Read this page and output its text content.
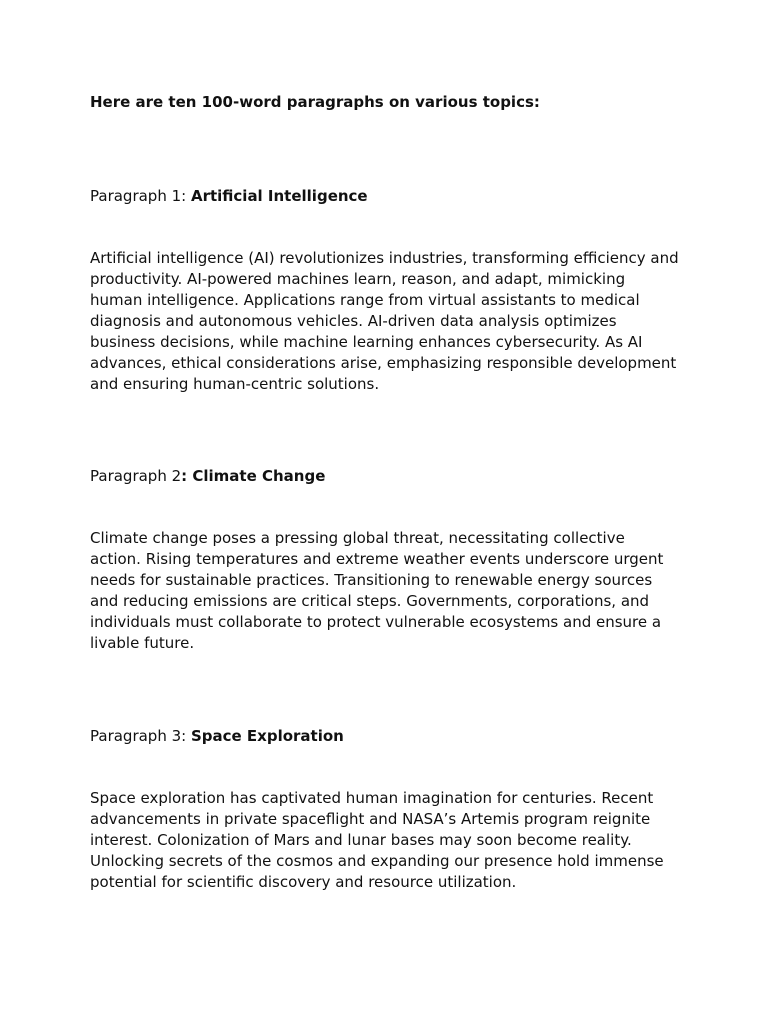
Here are ten 100-word paragraphs on various topics:
Paragraph 1: Artificial Intelligence
Artificial intelligence (AI) revolutionizes industries, transforming efficiency and productivity. AI-powered machines learn, reason, and adapt, mimicking human intelligence. Applications range from virtual assistants to medical diagnosis and autonomous vehicles. AI-driven data analysis optimizes business decisions, while machine learning enhances cybersecurity. As AI advances, ethical considerations arise, emphasizing responsible development and ensuring human-centric solutions.
Paragraph 2: Climate Change
Climate change poses a pressing global threat, necessitating collective action. Rising temperatures and extreme weather events underscore urgent needs for sustainable practices. Transitioning to renewable energy sources and reducing emissions are critical steps. Governments, corporations, and individuals must collaborate to protect vulnerable ecosystems and ensure a livable future.
Paragraph 3: Space Exploration
Space exploration has captivated human imagination for centuries. Recent advancements in private spaceflight and NASA’s Artemis program reignite interest. Colonization of Mars and lunar bases may soon become reality. Unlocking secrets of the cosmos and expanding our presence hold immense potential for scientific discovery and resource utilization.
